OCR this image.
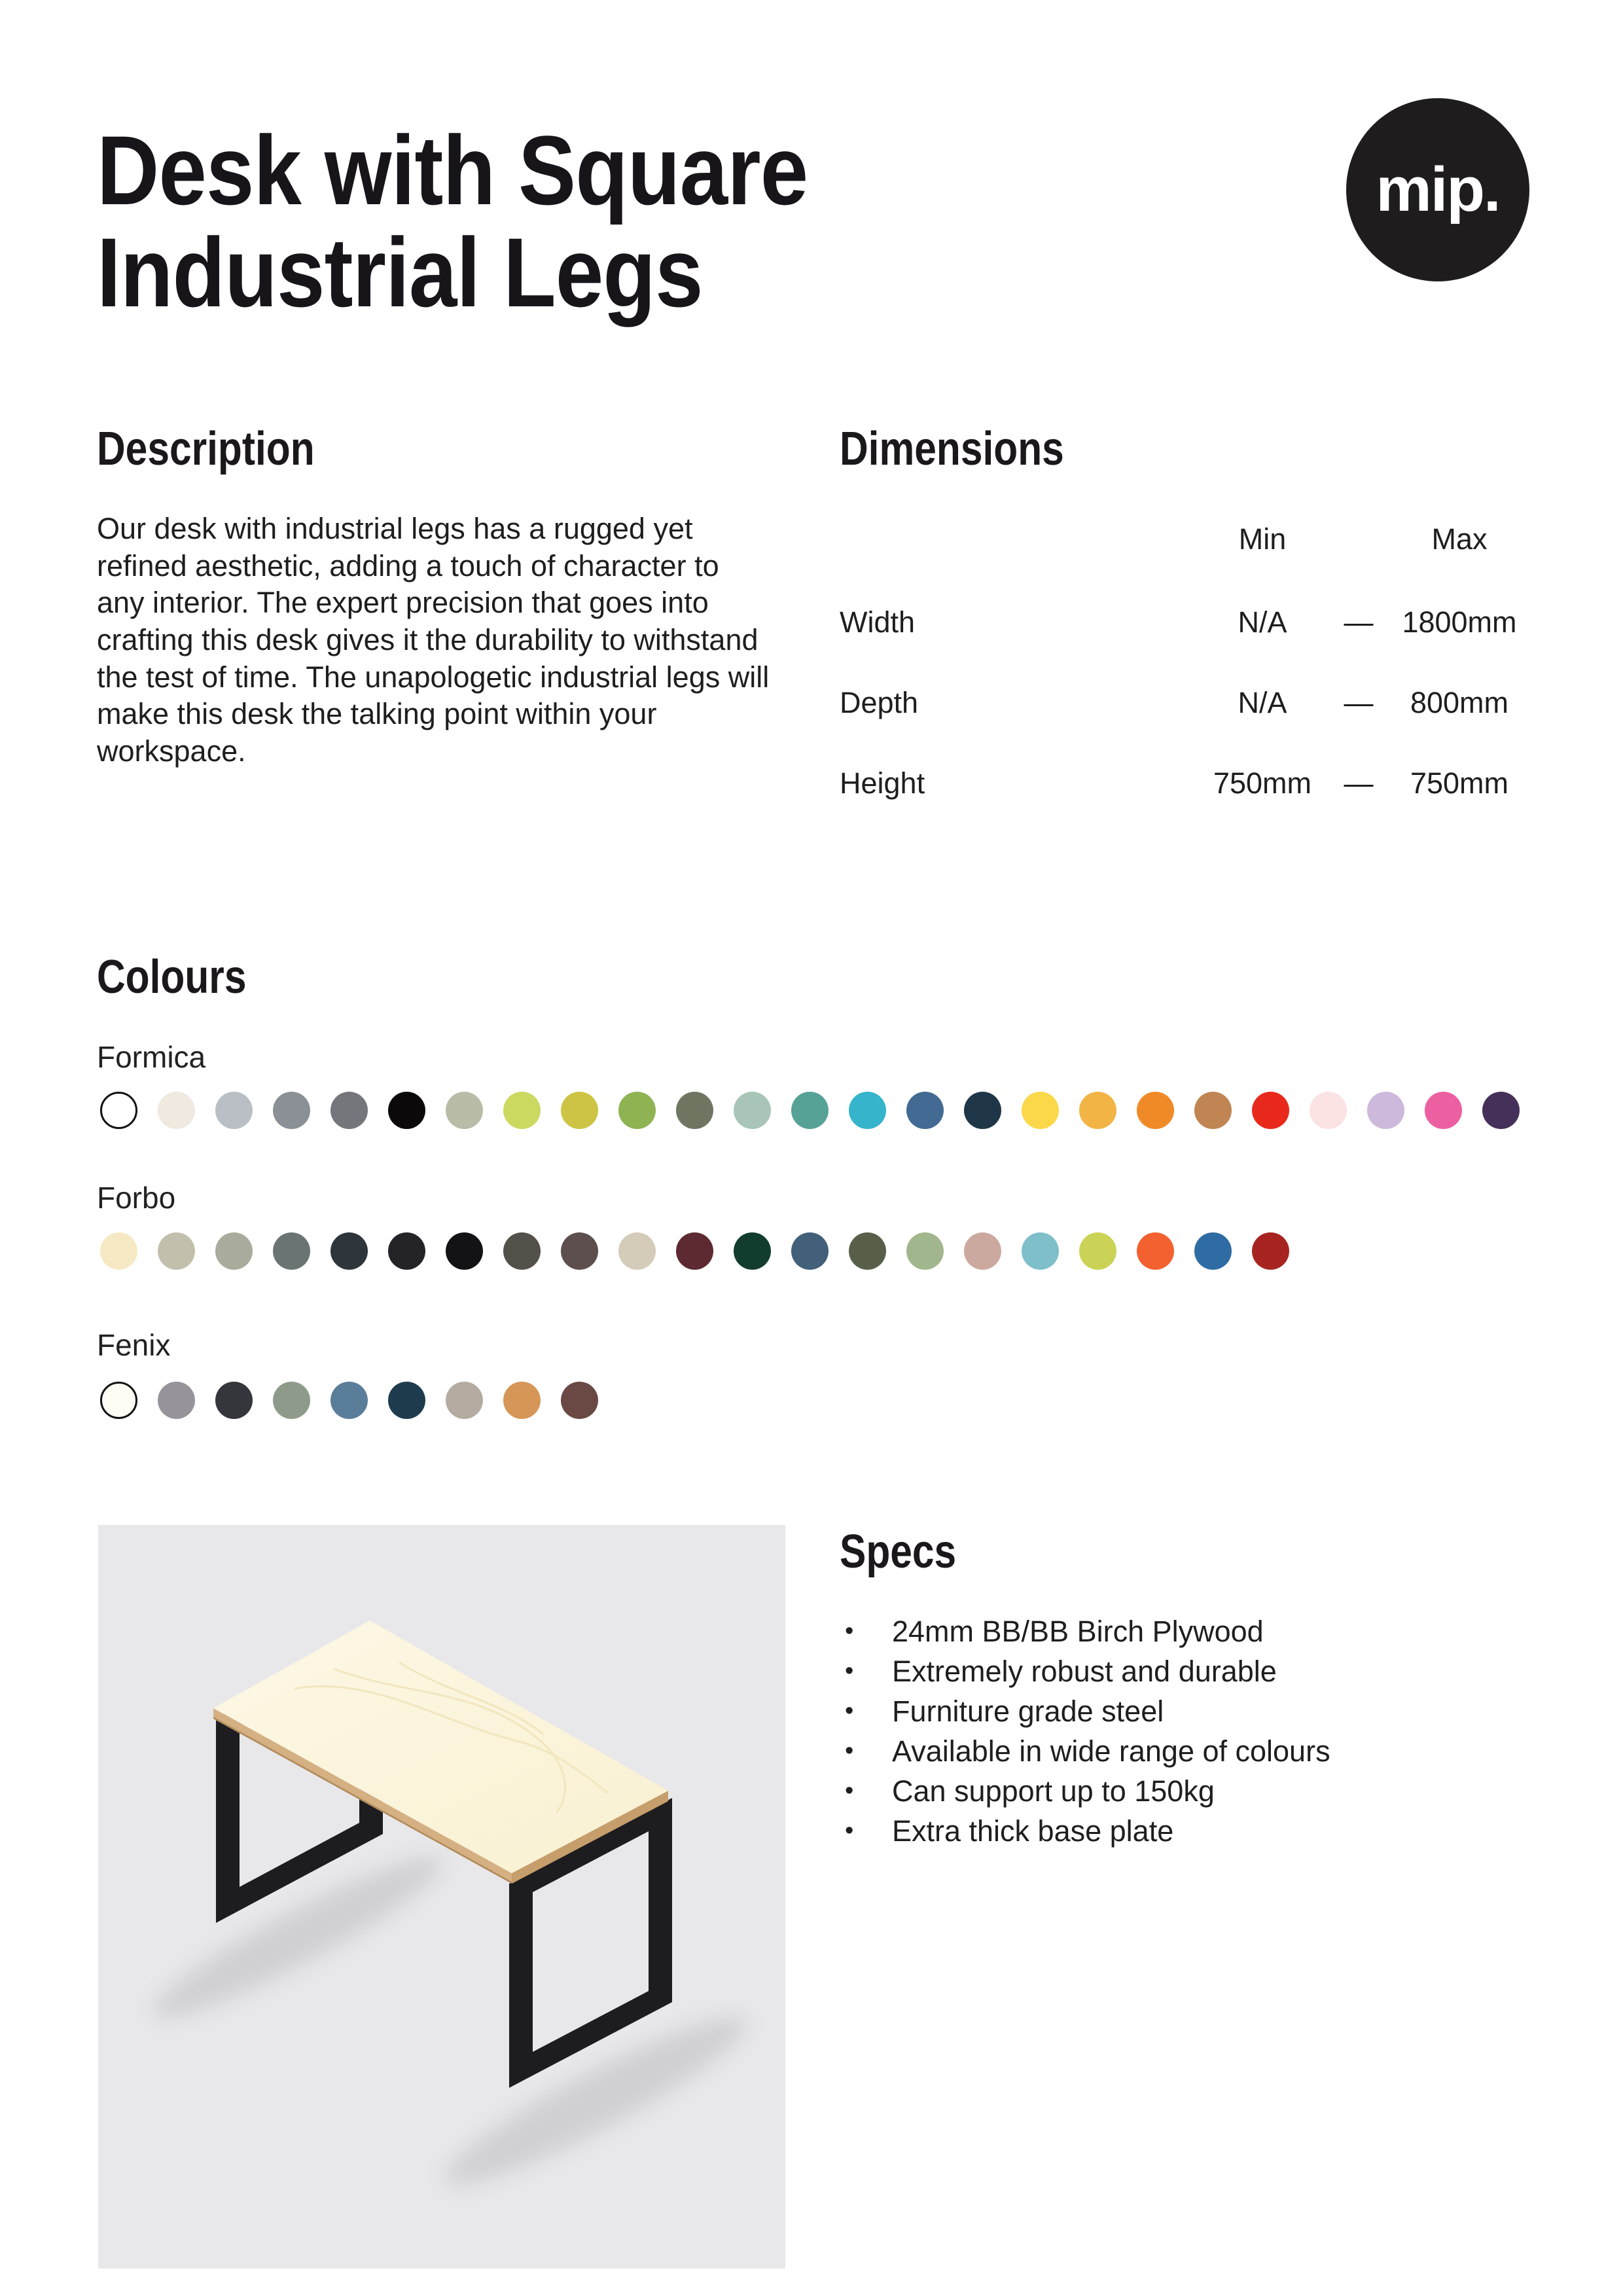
Desk with Square
Industrial Legs
mip.
Description
Our desk with industrial legs has a rugged yet refined aesthetic, adding a touch of character to any interior. The expert precision that goes into crafting this desk gives it the durability to withstand the test of time. The unapologetic industrial legs will make this desk the talking point within your workspace.
Dimensions
Min	Max
Width	N/A	— 1800mm
Depth	N/A	—	800mm
Height	750mm	—	750mm
Colours
Formica
Forbo
Fenix
Specs
•	24mm BB/BB Birch Plywood
•	Extremely robust and durable
•	Furniture grade steel
•	Available in wide range of colours
•	Can support up to 150kg
•	Extra thick base plate
